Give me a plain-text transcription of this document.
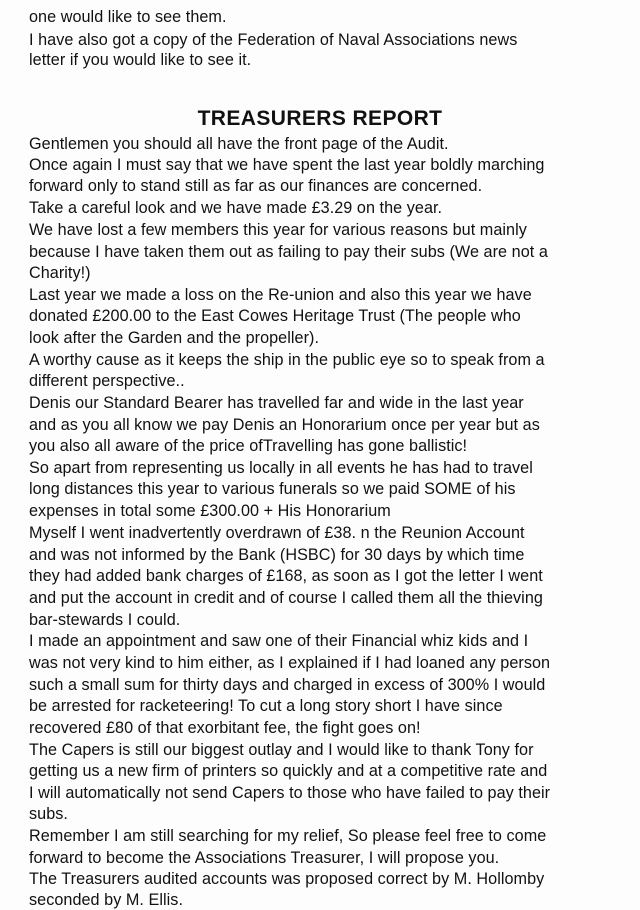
one would like to see them.
I have also got a copy of the Federation of Naval Associations news
letter if you would like to see it.
TREASURERS REPORT
Gentlemen you should all have the front page of the Audit.
Once again I must say that we have spent the last year boldly marching
forward only to stand still as far as our finances are concerned.
Take a careful look and we have made £3.29 on the year.
We have lost a few members this year for various reasons but mainly
because I have taken them out as failing to pay their subs (We are not a
Charity!)
Last year we made a loss on the Re-union and also this year we have
donated £200.00 to the East Cowes Heritage Trust (The people who
look after the Garden and the propeller).
A worthy cause as it keeps the ship in the public eye so to speak from a
different perspective..
Denis our Standard Bearer has travelled far and wide in the last year
and as you all know we pay Denis an Honorarium once per year but as
you also all aware of the price ofTravelling has gone ballistic!
So apart from representing us locally in all events he has had to travel
long distances this year to various funerals so we paid SOME of his
expenses in total some £300.00 + His Honorarium
Myself I went inadvertently overdrawn of £38. n the Reunion Account
and was not informed by the Bank (HSBC) for 30 days by which time
they had added bank charges of £168, as soon as I got the letter I went
and put the account in credit and of course I called them all the thieving
bar-stewards I could.
I made an appointment and saw one of their Financial whiz kids and I
was not very kind to him either, as I explained if I had loaned any person
such a small sum for thirty days and charged in excess of 300% I would
be arrested for racketeering! To cut a long story short I have since
recovered £80 of that exorbitant fee, the fight goes on!
The Capers is still our biggest outlay and I would like to thank Tony for
getting us a new firm of printers so quickly and at a competitive rate and
I will automatically not send Capers to those who have failed to pay their
subs.
Remember I am still searching for my relief, So please feel free to come
forward to become the Associations Treasurer, I will propose you.
The Treasurers audited accounts was proposed correct by M. Hollomby
seconded by M. Ellis.
